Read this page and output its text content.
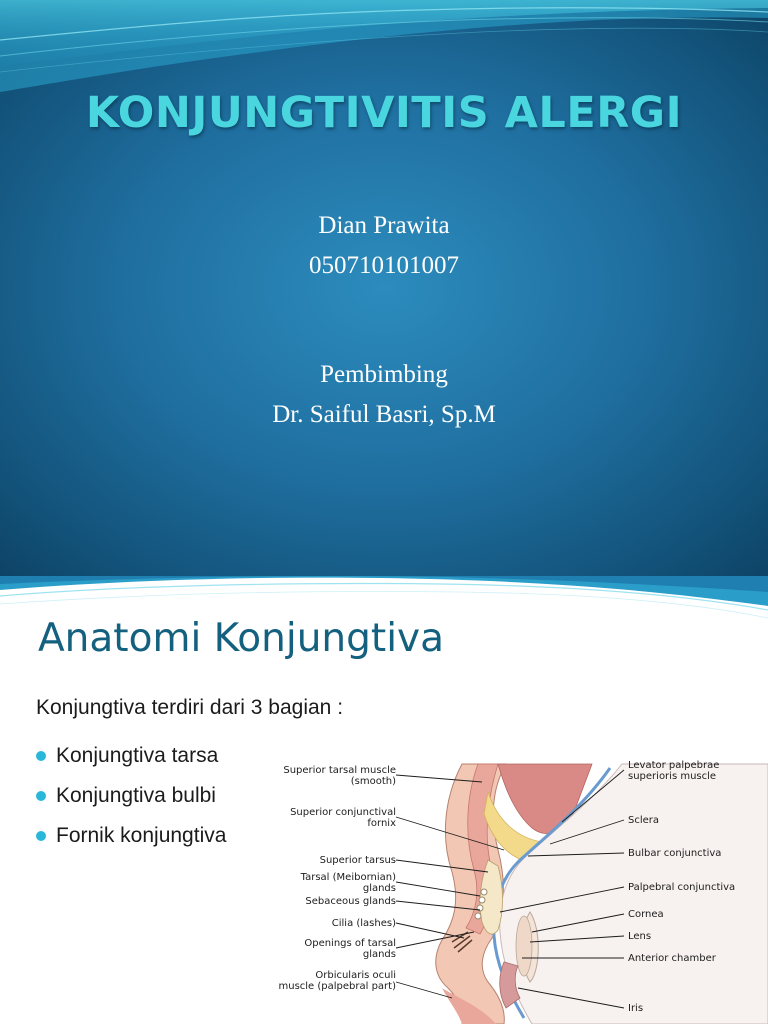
KONJUNGTIVITIS ALERGI
Dian Prawita
050710101007
Pembimbing
Dr. Saiful Basri, Sp.M
Anatomi Konjungtiva
Konjungtiva terdiri dari 3 bagian :
Konjungtiva tarsa
Konjungtiva bulbi
Fornik konjungtiva
Superior tarsal muscle
(smooth)
Superior conjunctival
fornix
Superior tarsus
Tarsal (Meibornian)
glands
Sebaceous glands
Cilia (lashes)
Openings of tarsal
glands
Orbicularis oculi
muscle (palpebral part)
Levator palpebrae
superioris muscle
Sclera
Bulbar conjunctiva
Palpebral conjunctiva
Cornea
Lens
Anterior chamber
Iris
